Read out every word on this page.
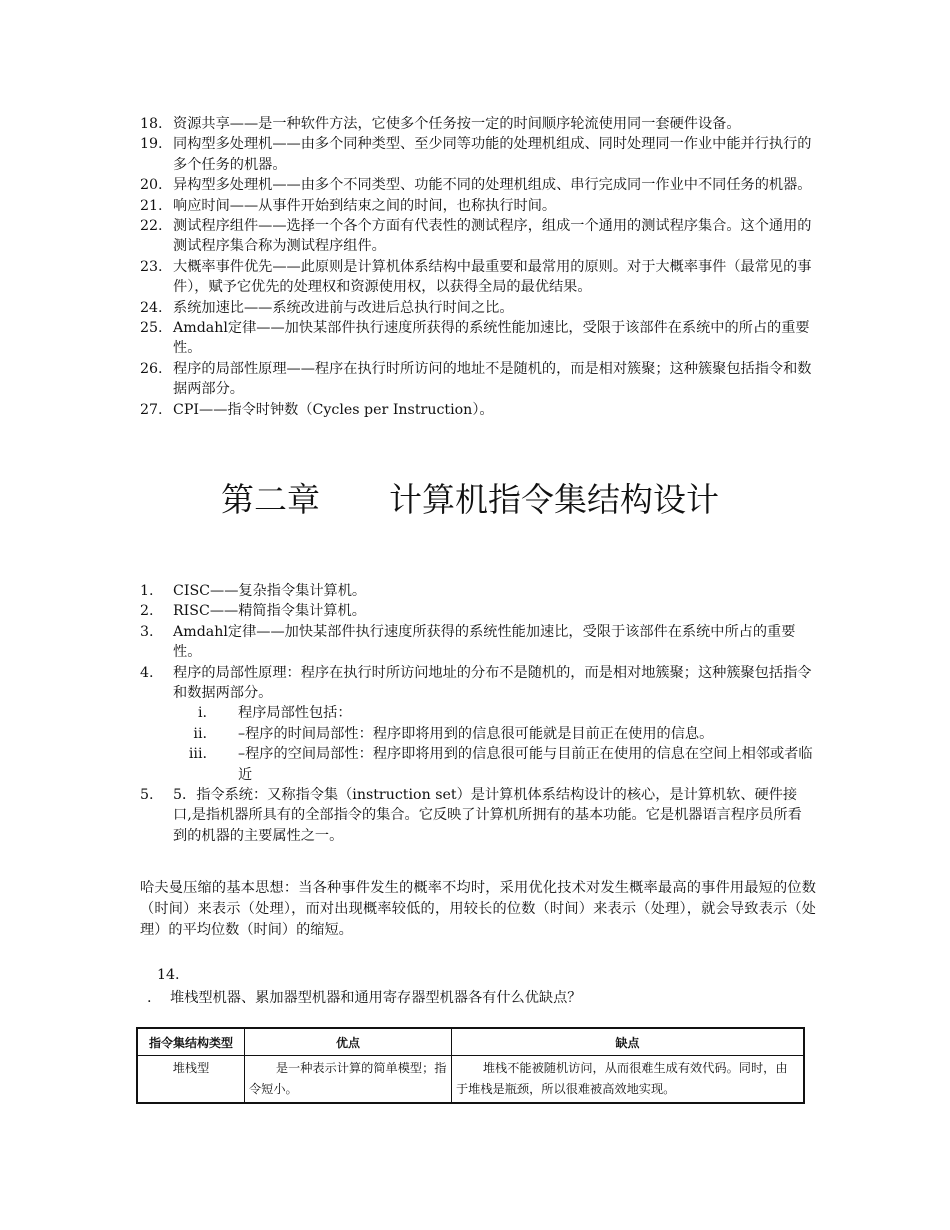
18. 资源共享——是一种软件方法，它使多个任务按一定的时间顺序轮流使用同一套硬件设备。
19. 同构型多处理机——由多个同种类型、至少同等功能的处理机组成、同时处理同一作业中能并行执行的多个任务的机器。
20. 异构型多处理机——由多个不同类型、功能不同的处理机组成、串行完成同一作业中不同任务的机器。
21. 响应时间——从事件开始到结束之间的时间，也称执行时间。
22. 测试程序组件——选择一个各个方面有代表性的测试程序，组成一个通用的测试程序集合。这个通用的测试程序集合称为测试程序组件。
23. 大概率事件优先——此原则是计算机体系结构中最重要和最常用的原则。对于大概率事件（最常见的事件），赋予它优先的处理权和资源使用权，以获得全局的最优结果。
24. 系统加速比——系统改进前与改进后总执行时间之比。
25. Amdahl定律——加快某部件执行速度所获得的系统性能加速比，受限于该部件在系统中的所占的重要性。
26. 程序的局部性原理——程序在执行时所访问的地址不是随机的，而是相对簇聚；这种簇聚包括指令和数据两部分。
27. CPI——指令时钟数（Cycles per Instruction）。
第二章 计算机指令集结构设计
1.	CISC——复杂指令集计算机。
2.	RISC——精简指令集计算机。
3.	Amdahl定律——加快某部件执行速度所获得的系统性能加速比，受限于该部件在系统中所占的重要性。
4.	程序的局部性原理：程序在执行时所访问地址的分布不是随机的，而是相对地簇聚；这种簇聚包括指令和数据两部分。
i. 程序局部性包括：
ii. –程序的时间局部性：程序即将用到的信息很可能就是目前正在使用的信息。
iii. –程序的空间局部性：程序即将用到的信息很可能与目前正在使用的信息在空间上相邻或者临近
5.	5．指令系统：又称指令集（instruction set）是计算机体系结构设计的核心，是计算机软、硬件接口,是指机器所具有的全部指令的集合。它反映了计算机所拥有的基本功能。它是机器语言程序员所看到的机器的主要属性之一。

哈夫曼压缩的基本思想：当各种事件发生的概率不均时，采用优化技术对发生概率最高的事件用最短的位数（时间）来表示（处理），而对出现概率较低的，用较长的位数（时间）来表示（处理），就会导致表示（处理）的平均位数（时间）的缩短。

14.
. 堆栈型机器、累加器型机器和通用寄存器型机器各有什么优缺点？
指令集结构类型	优点	缺点
堆栈型	是一种表示计算的简单模型；指令短小。	堆栈不能被随机访问，从而很难生成有效代码。同时，由于堆栈是瓶颈，所以很难被高效地实现。
